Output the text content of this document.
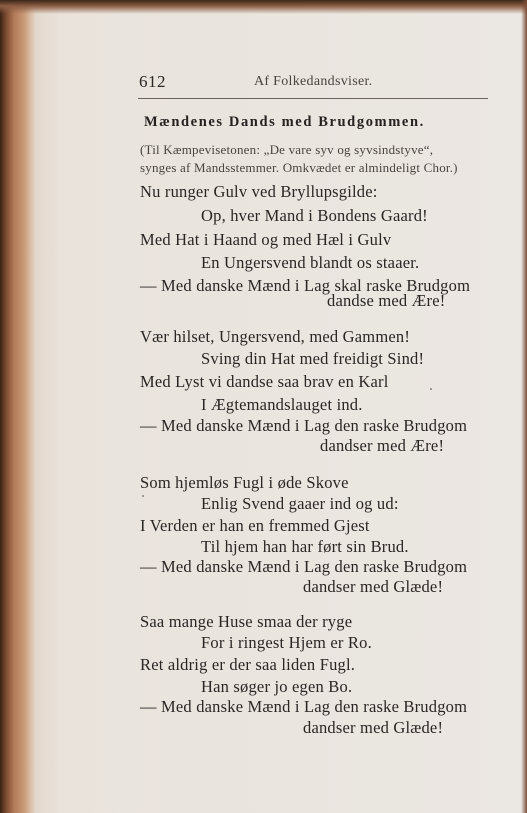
612	Af Folkedandsviser.
Mændenes Dands med Brudgommen.
(Til Kæmpevisetonen: „De vare syv og syvsindstyve“,
synges af Mandsstemmer. Omkvædet er almindeligt Chor.)
Nu runger Gulv ved Bryllupsgilde:
Op, hver Mand i Bondens Gaard!
Med Hat i Haand og med Hæl i Gulv
En Ungersvend blandt os staaer.
— Med danske Mænd i Lag skal raske Brudgom
dandse med Ære!
Vær hilset, Ungersvend, med Gammen!
Sving din Hat med freidigt Sind!
Med Lyst vi dandse saa brav en Karl
I Ægtemandslauget ind.
— Med danske Mænd i Lag den raske Brudgom
dandser med Ære!
Som hjemløs Fugl i øde Skove
Enlig Svend gaaer ind og ud:
I Verden er han en fremmed Gjest
Til hjem han har ført sin Brud.
— Med danske Mænd i Lag den raske Brudgom
dandser med Glæde!
Saa mange Huse smaa der ryge
For i ringest Hjem er Ro.
Ret aldrig er der saa liden Fugl.
Han søger jo egen Bo.
— Med danske Mænd i Lag den raske Brudgom
dandser med Glæde!
